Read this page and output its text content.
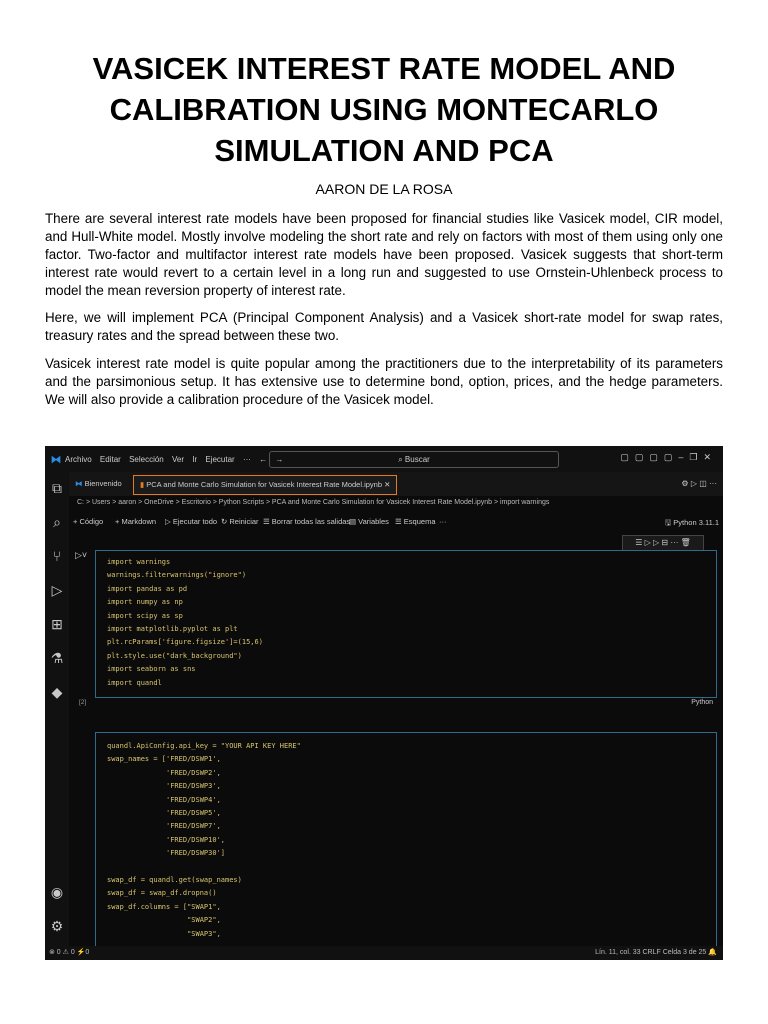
VASICEK INTEREST RATE MODEL AND CALIBRATION USING MONTECARLO SIMULATION AND PCA
AARON DE LA ROSA
There are several interest rate models have been proposed for financial studies like Vasicek model, CIR model, and Hull-White model. Mostly involve modeling the short rate and rely on factors with most of them using only one factor. Two-factor and multifactor interest rate models have been proposed. Vasicek suggests that short-term interest rate would revert to a certain level in a long run and suggested to use Ornstein-Uhlenbeck process to model the mean reversion property of interest rate.
Here, we will implement PCA (Principal Component Analysis) and a Vasicek short-rate model for swap rates, treasury rates and the spread between these two.
Vasicek interest rate model is quite popular among the practitioners due to the interpretability of its parameters and the parsimonious setup. It has extensive use to determine bond, option, prices, and the hedge parameters. We will also provide a calibration procedure of the Vasicek model.
⧓ Archivo Editar Selección Ver Ir Ejecutar ··· ← →	⌕ Buscar	▢▢▢▢–❐✕
⧉
⌕
⑂
▷
⊞
⚗
◆
◉
⚙
⧓ Bienvenido	▮ PCA and Monte Carlo Simulation for Vasicek Interest Rate Model.ipynb ✕	⚙ ▷ ◫ ···
C: > Users > aaron > OneDrive > Escritorio > Python Scripts > PCA and Monte Carlo Simulation for Vasicek Interest Rate Model.ipynb > import warnings
+ Código + Markdown ▷ Ejecutar todo ↻ Reiniciar ☰ Borrar todas las salidas
▤ Variables ☰ Esquema ···	🖫 Python 3.11.1
☰ ▷ ▷ ⊟ ··· 🗑
▷˅
import warnings
warnings.filterwarnings("ignore")
import pandas as pd
import numpy as np
import scipy as sp
import matplotlib.pyplot as plt
plt.rcParams['figure.figsize']=(15,6)
plt.style.use("dark_background")
import seaborn as sns
import quandl
[2]	Python
quandl.ApiConfig.api_key = "YOUR API KEY HERE"
swap_names = ['FRED/DSWP1',
'FRED/DSWP2',
'FRED/DSWP3',
'FRED/DSWP4',
'FRED/DSWP5',
'FRED/DSWP7',
'FRED/DSWP10',
'FRED/DSWP30']

swap_df = quandl.get(swap_names)
swap_df = swap_df.dropna()
swap_df.columns = ["SWAP1",
"SWAP2",
"SWAP3",
⊗ 0 ⚠ 0 ⚡0	Lín. 11, col. 33 CRLF Celda 3 de 25 🔔
